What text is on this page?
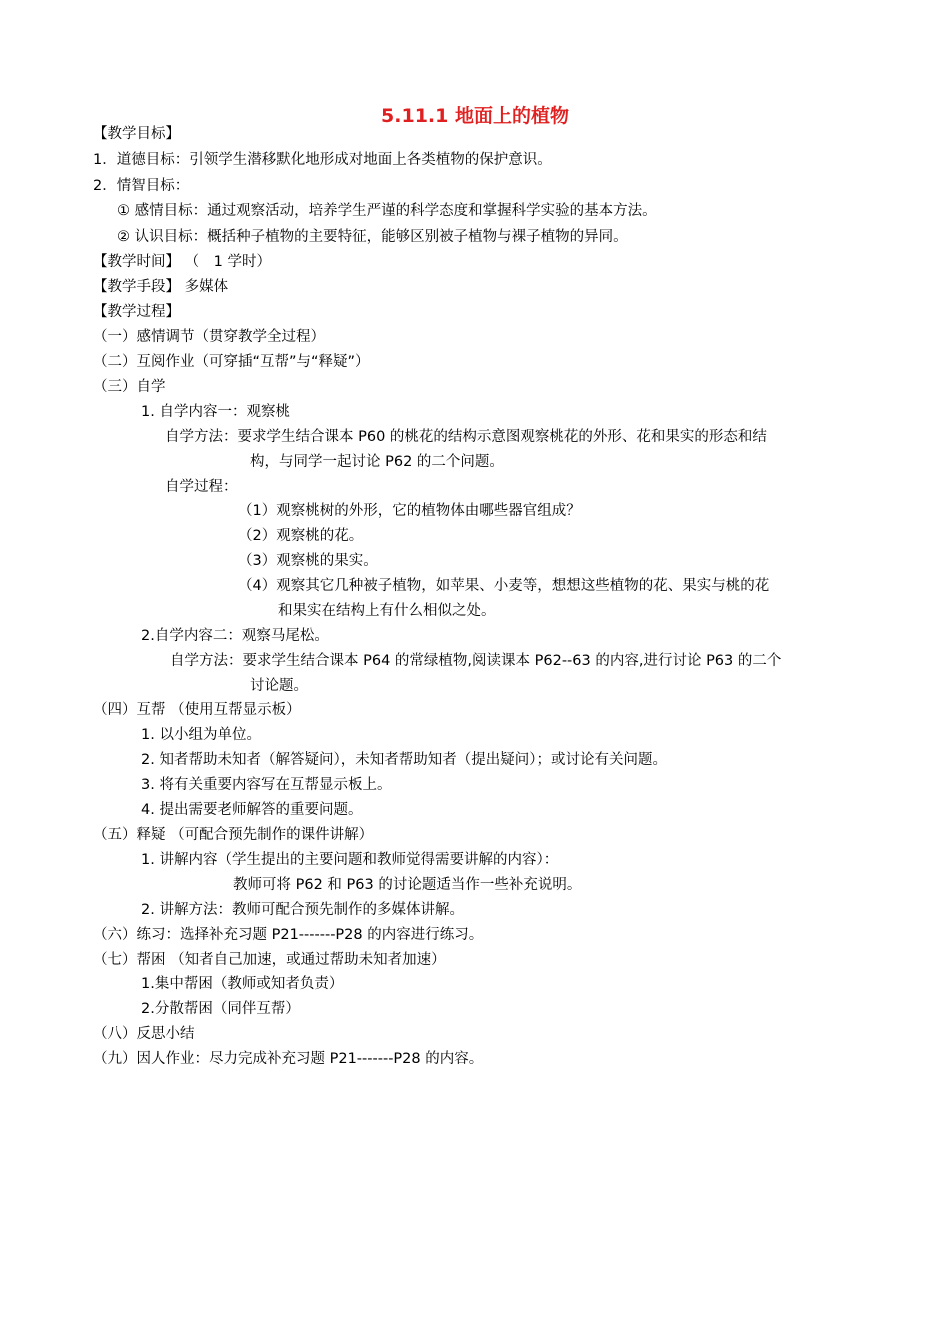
5.11.1 地面上的植物
【教学目标】
1．道德目标：引领学生潜移默化地形成对地面上各类植物的保护意识。
2．情智目标：
① 感情目标：通过观察活动，培养学生严谨的科学态度和掌握科学实验的基本方法。
② 认识目标：概括种子植物的主要特征，能够区别被子植物与裸子植物的异同。
【教学时间】 （　1 学时）
【教学手段】 多媒体
【教学过程】
（一）感情调节（贯穿教学全过程）
（二）互阅作业（可穿插“互帮”与“释疑”）
（三）自学
1. 自学内容一：观察桃
自学方法：要求学生结合课本 P60 的桃花的结构示意图观察桃花的外形、花和果实的形态和结
构，与同学一起讨论 P62 的二个问题。
自学过程：
（1）观察桃树的外形，它的植物体由哪些器官组成？
（2）观察桃的花。
（3）观察桃的果实。
（4）观察其它几种被子植物，如苹果、小麦等，想想这些植物的花、果实与桃的花
和果实在结构上有什么相似之处。
2.自学内容二：观察马尾松。
自学方法：要求学生结合课本 P64 的常绿植物,阅读课本 P62--63 的内容,进行讨论 P63 的二个
讨论题。
（四）互帮 （使用互帮显示板）
1. 以小组为单位。
2. 知者帮助未知者（解答疑问），未知者帮助知者（提出疑问）；或讨论有关问题。
3. 将有关重要内容写在互帮显示板上。
4. 提出需要老师解答的重要问题。
（五）释疑 （可配合预先制作的课件讲解）
1. 讲解内容（学生提出的主要问题和教师觉得需要讲解的内容）：
教师可将 P62 和 P63 的讨论题适当作一些补充说明。
2. 讲解方法：教师可配合预先制作的多媒体讲解。
（六）练习：选择补充习题 P21-------P28 的内容进行练习。
（七）帮困 （知者自己加速，或通过帮助未知者加速）
1.集中帮困（教师或知者负责）
2.分散帮困（同伴互帮）
（八）反思小结
（九）因人作业：尽力完成补充习题 P21-------P28 的内容。
